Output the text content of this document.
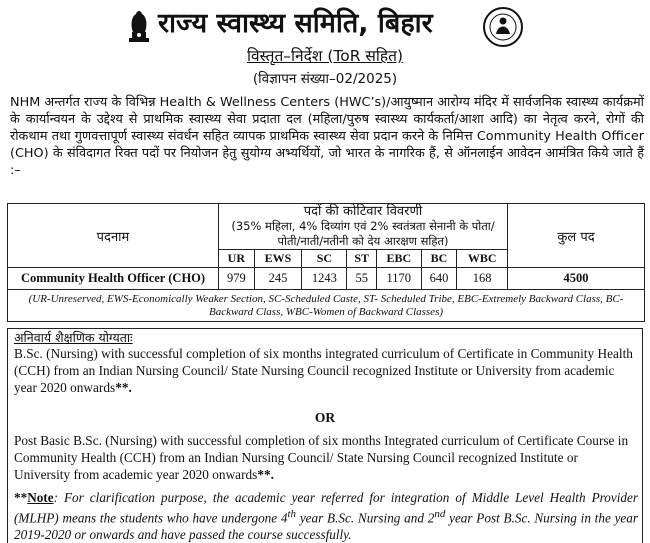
राज्य स्वास्थ्य समिति, बिहार
विस्तृत–निर्देश (ToR सहित)
(विज्ञापन संख्या–02/2025)
NHM अन्तर्गत राज्य के विभिन्न Health & Wellness Centers (HWC’s)/आयुष्मान आरोग्य मंदिर में सार्वजनिक स्वास्थ्य कार्यक्रमों के कार्यान्वयन के उद्देश्य से प्राथमिक स्वास्थ्य सेवा प्रदाता दल (महिला/पुरुष स्वास्थ्य कार्यकर्ता/आशा आदि) का नेतृत्व करने, रोगों की रोकथाम तथा गुणवत्तापूर्ण स्वास्थ्य संवर्धन सहित व्यापक प्राथमिक स्वास्थ्य सेवा प्रदान करने के निमित्त Community Health Officer (CHO) के संविदागत रिक्त पदों पर नियोजन हेतु सुयोग्य अभ्यर्थियों, जो भारत के नागरिक हैं, से ऑनलाईन आवेदन आमंत्रित किये जाते हैं :–
पदनाम	पदों की कोटिवार विवरणी
(35% महिला, 4% दिव्यांग एवं 2% स्वतंत्रता सेनानी के पोता/पोती/नाती/नतीनी को देय आरक्षण सहित)							कुल पद
	UR	EWS	SC	ST	EBC	BC	WBC	
Community Health Officer (CHO)	979	245	1243	55	1170	640	168	4500
(UR-Unreserved, EWS-Economically Weaker Section, SC-Scheduled Caste, ST- Scheduled Tribe, EBC-Extremely Backward Class, BC-Backward Class, WBC-Women of Backward Classes)								
अनिवार्य शैक्षणिक योग्यताः
B.Sc. (Nursing) with successful completion of six months integrated curriculum of Certificate in Community Health (CCH) from an Indian Nursing Council/ State Nursing Council recognized Institute or University from academic year 2020 onwards**.
OR
Post Basic B.Sc. (Nursing) with successful completion of six months Integrated curriculum of Certificate Course in Community Health (CCH) from an Indian Nursing Council/ State Nursing Council recognized Institute or University from academic year 2020 onwards**.
**Note: For clarification purpose, the academic year referred for integration of Middle Level Health Provider (MLHP) means the students who have undergone 4th year B.Sc. Nursing and 2nd year Post B.Sc. Nursing in the year 2019-2020 or onwards and have passed the course successfully.
